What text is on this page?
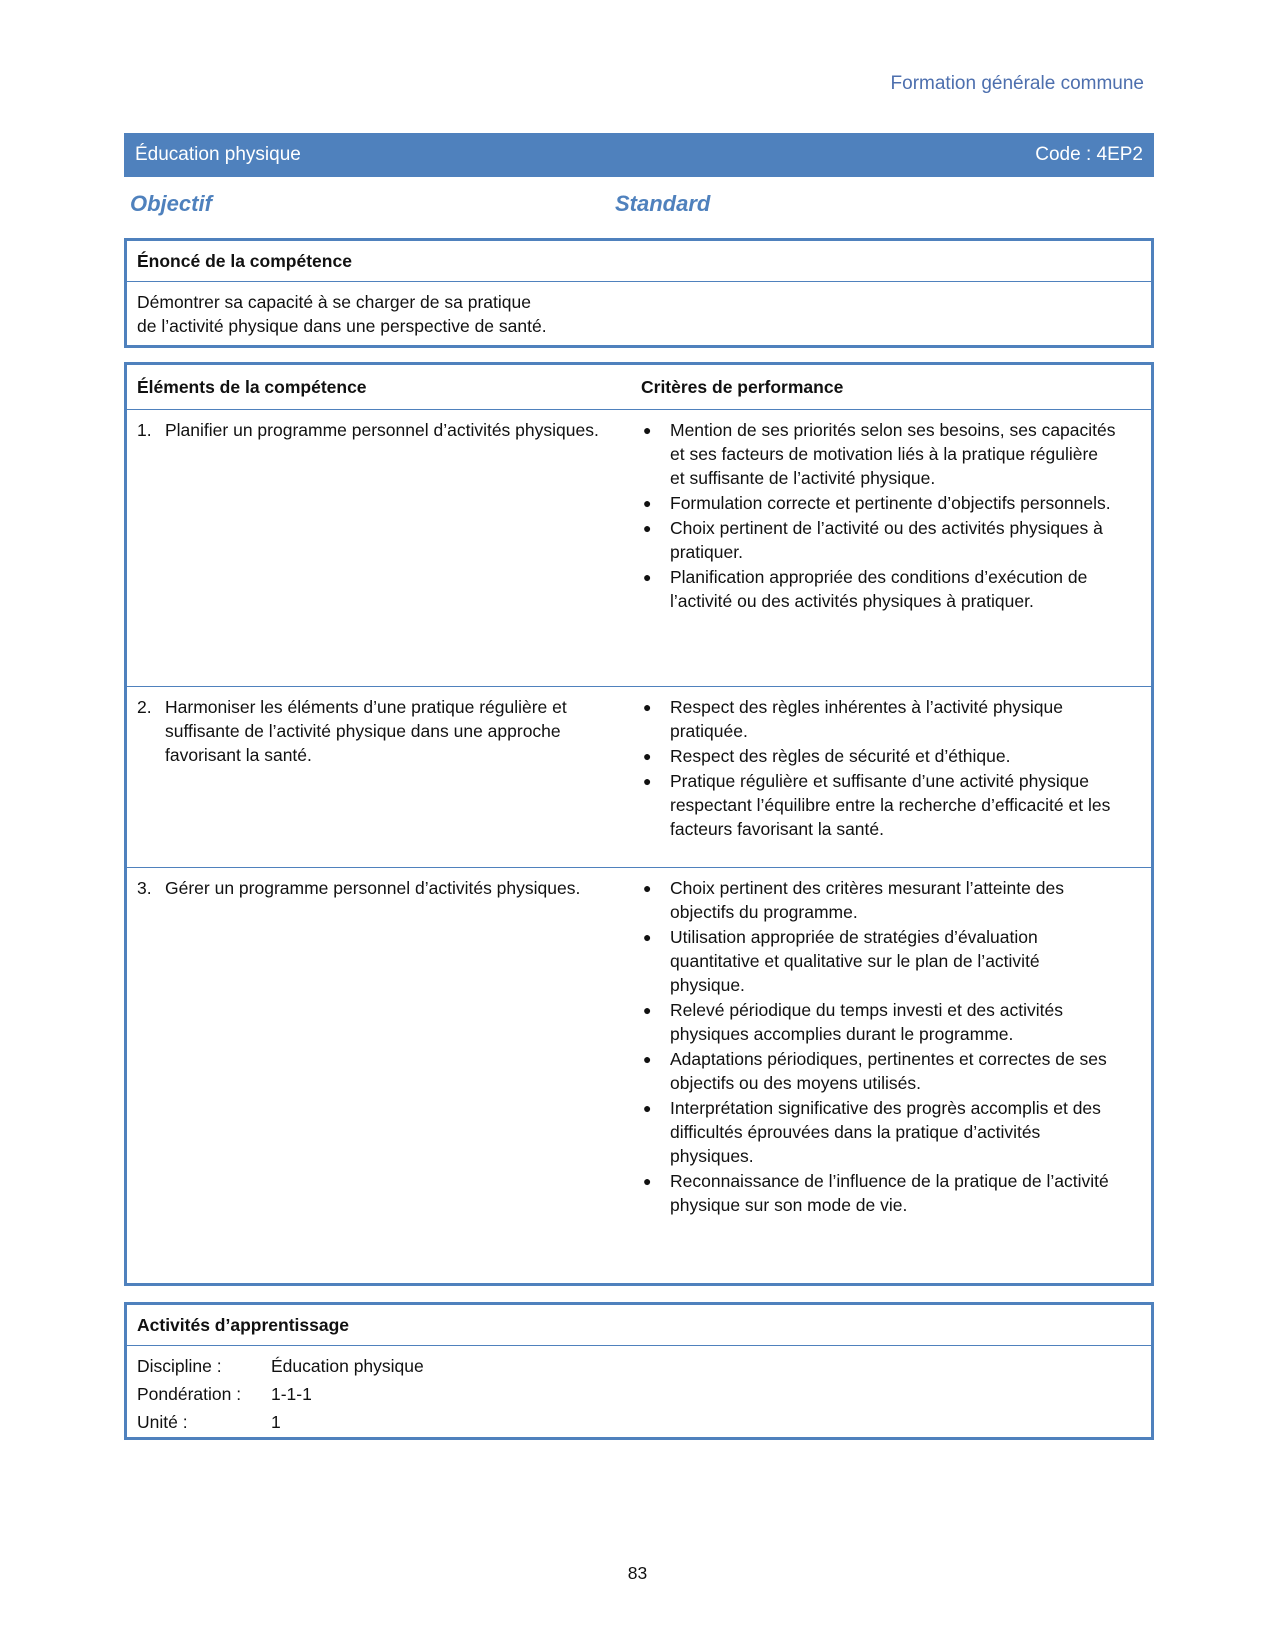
Formation générale commune
Éducation physique	Code : 4EP2
Objectif	Standard
Énoncé de la compétence
Démontrer sa capacité à se charger de sa pratique
de l’activité physique dans une perspective de santé.
Éléments de la compétence	Critères de performance
1. Planifier un programme personnel d’activités physiques.	●	Mention de ses priorités selon ses besoins, ses capacités et ses facteurs de motivation liés à la pratique régulière et suffisante de l’activité physique.
●	Formulation correcte et pertinente d’objectifs personnels.
●	Choix pertinent de l’activité ou des activités physiques à pratiquer.
●	Planification appropriée des conditions d’exécution de l’activité ou des activités physiques à pratiquer.
2. Harmoniser les éléments d’une pratique régulière et suffisante de l’activité physique dans une approche favorisant la santé.
●	Respect des règles inhérentes à l’activité physique pratiquée.
●	Respect des règles de sécurité et d’éthique.
●	Pratique régulière et suffisante d’une activité physique respectant l’équilibre entre la recherche d’efficacité et les facteurs favorisant la santé.
3. Gérer un programme personnel d’activités physiques.	●	Choix pertinent des critères mesurant l’atteinte des objectifs du programme.
●	Utilisation appropriée de stratégies d’évaluation quantitative et qualitative sur le plan de l’activité physique.
●	Relevé périodique du temps investi et des activités physiques accomplies durant le programme.
●	Adaptations périodiques, pertinentes et correctes de ses objectifs ou des moyens utilisés.
●	Interprétation significative des progrès accomplis et des difficultés éprouvées dans la pratique d’activités physiques.
●	Reconnaissance de l’influence de la pratique de l’activité physique sur son mode de vie.
Activités d’apprentissage
Discipline :	Éducation physique
Pondération :	1-1-1
Unité :	1
83
